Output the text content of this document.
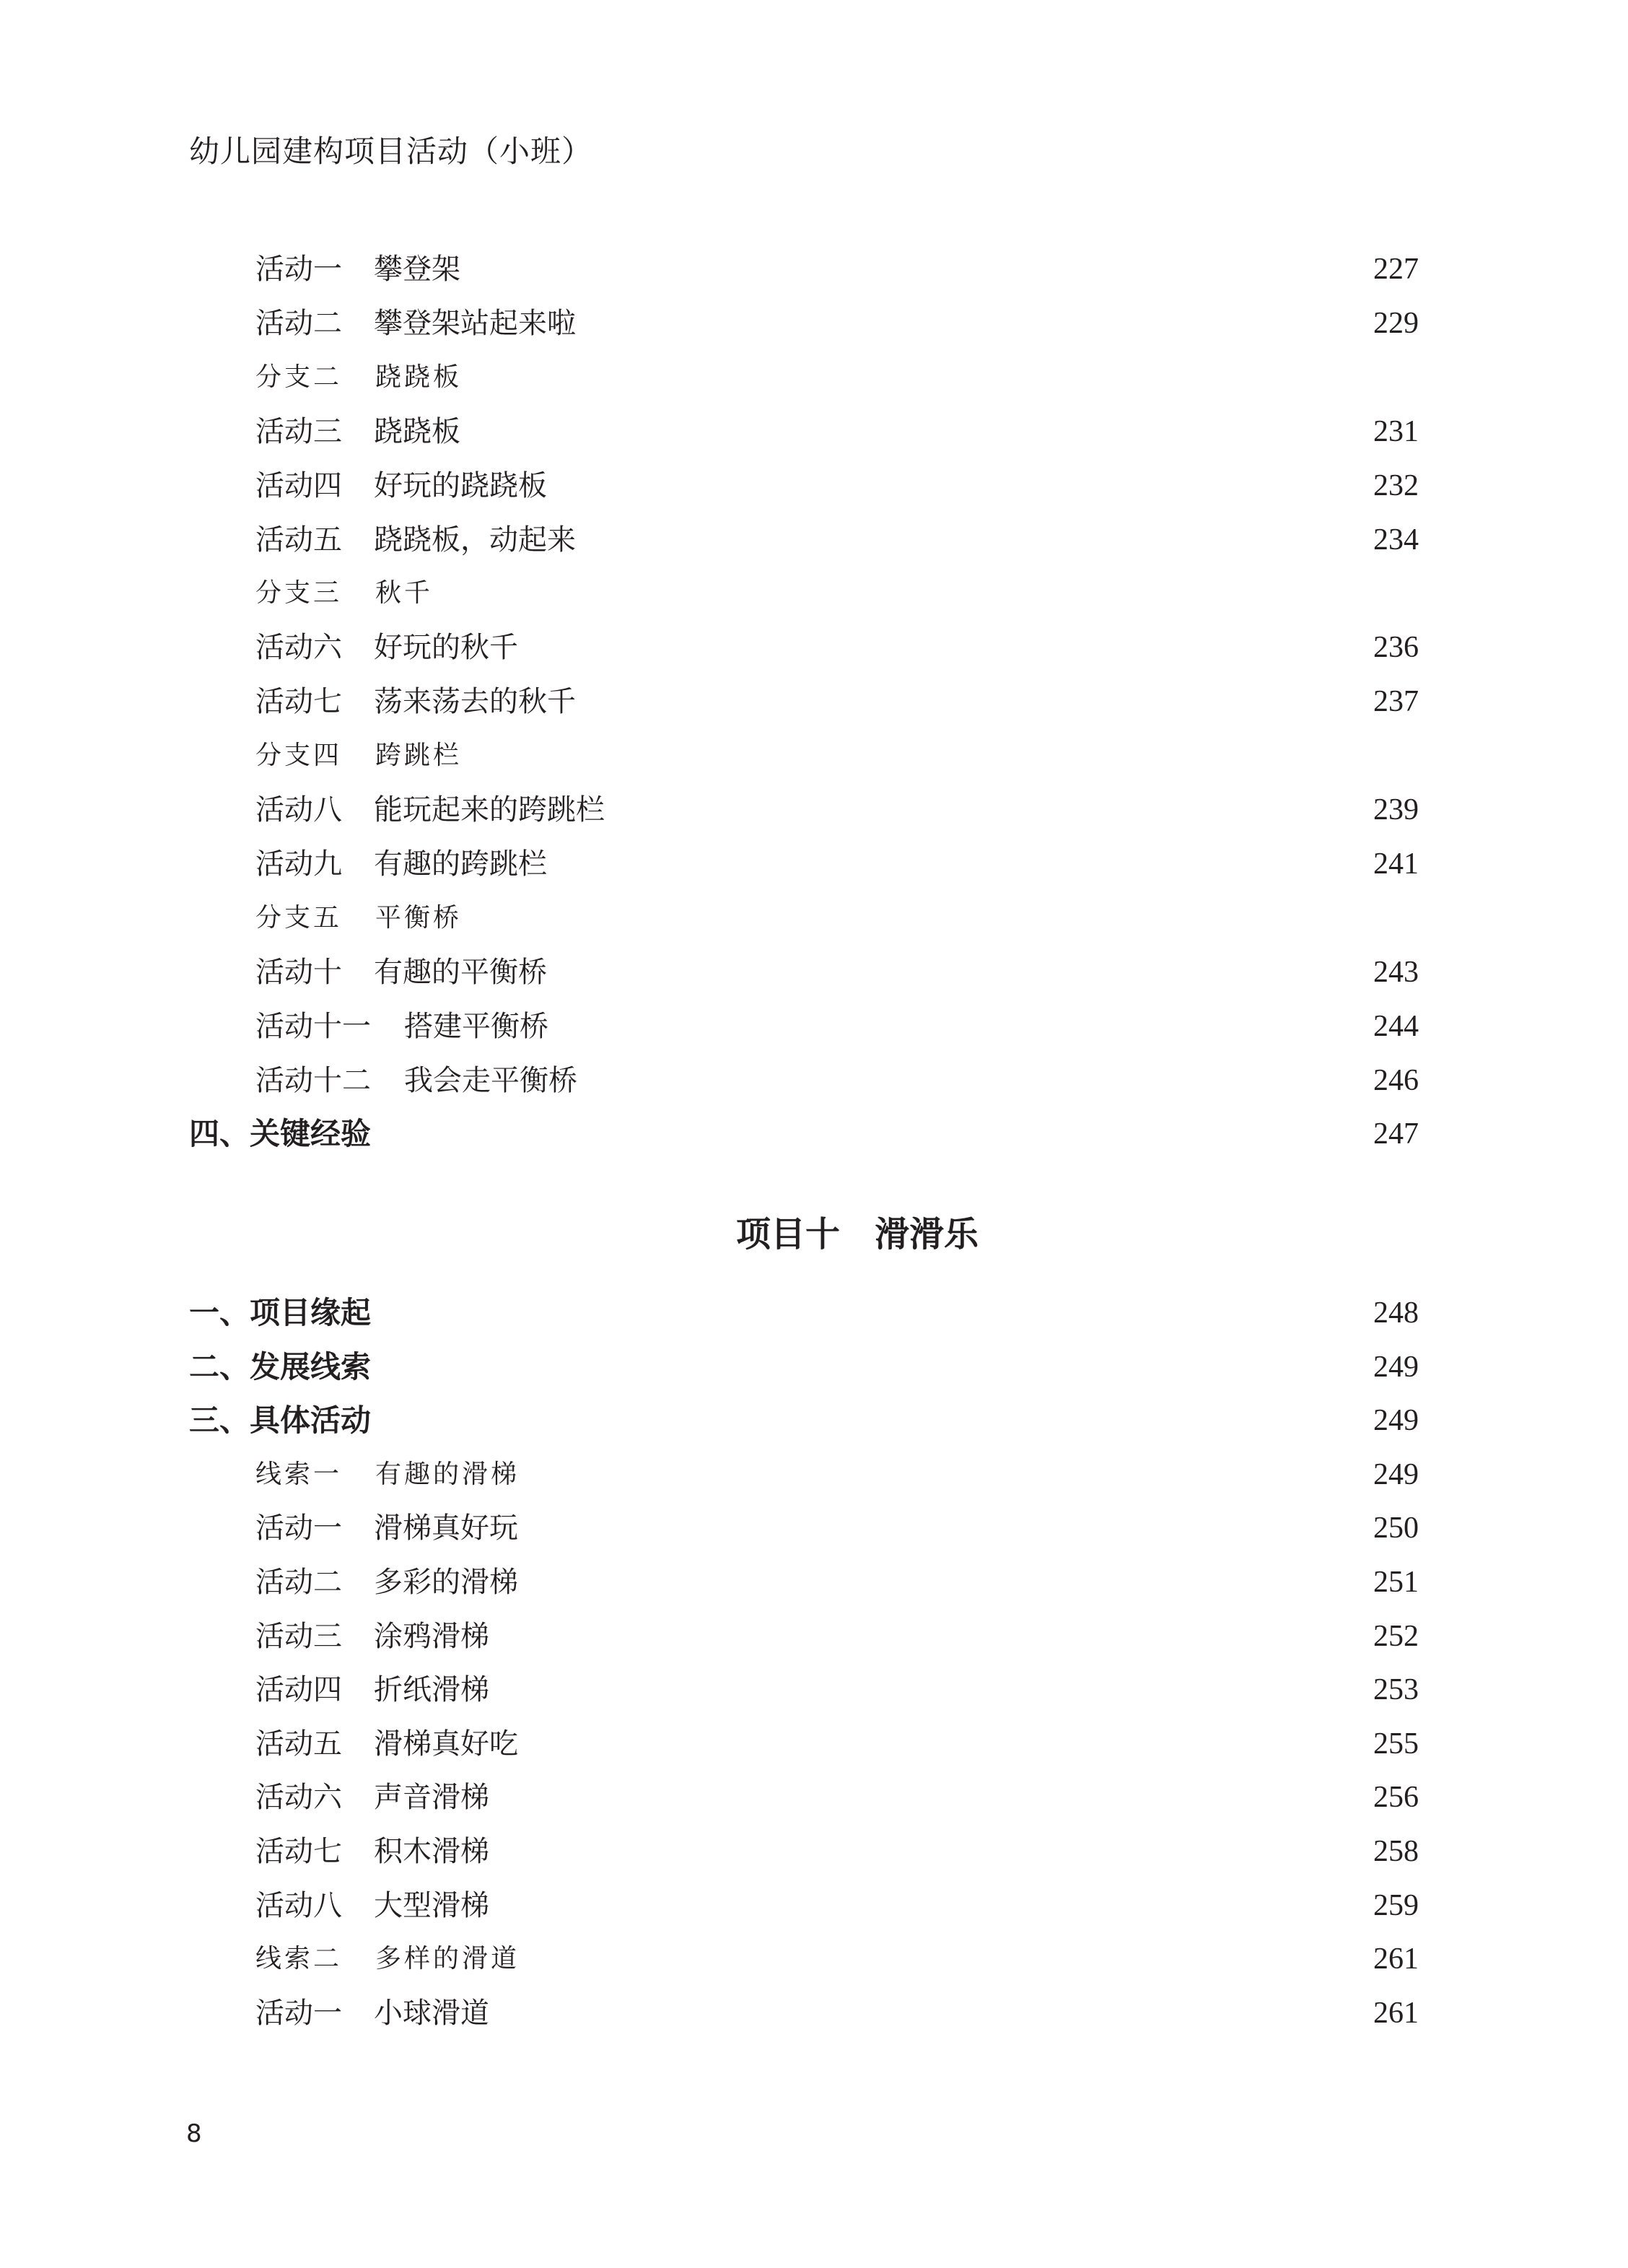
幼儿园建构项目活动（小班）
活动一 攀登架	227
活动二 攀登架站起来啦	229
分支二 跷跷板
活动三 跷跷板	231
活动四 好玩的跷跷板	232
活动五 跷跷板，动起来	234
分支三 秋千
活动六 好玩的秋千	236
活动七 荡来荡去的秋千	237
分支四 跨跳栏
活动八 能玩起来的跨跳栏	239
活动九 有趣的跨跳栏	241
分支五 平衡桥
活动十 有趣的平衡桥	243
活动十一 搭建平衡桥	244
活动十二 我会走平衡桥	246
四、关键经验	247
项目十　滑滑乐
一、项目缘起	248
二、发展线索	249
三、具体活动	249
线索一 有趣的滑梯	249
活动一 滑梯真好玩	250
活动二 多彩的滑梯	251
活动三 涂鸦滑梯	252
活动四 折纸滑梯	253
活动五 滑梯真好吃	255
活动六 声音滑梯	256
活动七 积木滑梯	258
活动八 大型滑梯	259
线索二 多样的滑道	261
活动一 小球滑道	261
8
